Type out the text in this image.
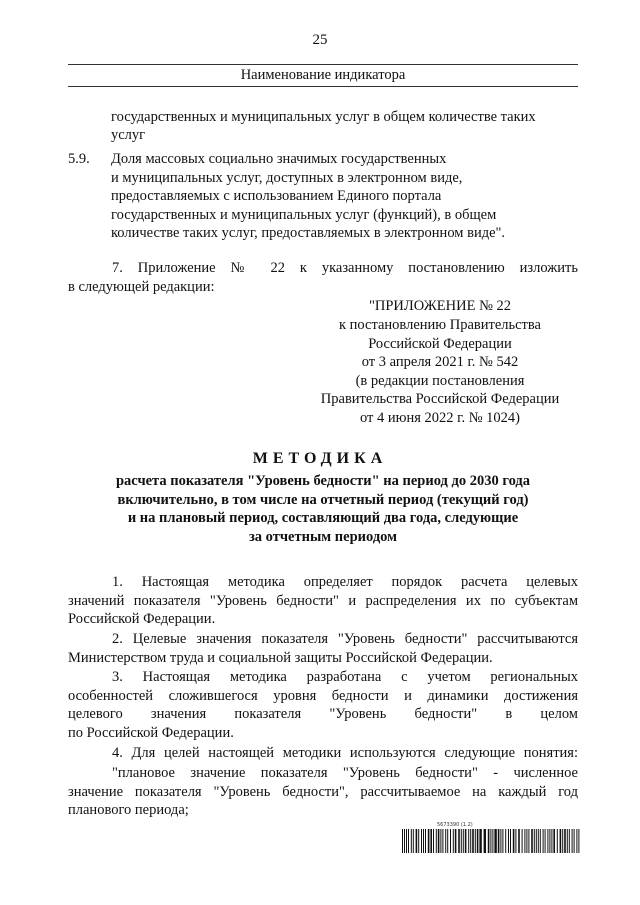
25
Наименование индикатора
государственных и муниципальных услуг в общем количестве таких
услуг
5.9. Доля массовых социально значимых государственных
и муниципальных услуг, доступных в электронном виде,
предоставляемых с использованием Единого портала
государственных и муниципальных услуг (функций), в общем
количестве таких услуг, предоставляемых в электронном виде".
7. Приложение № 22 к указанному постановлению изложить
в следующей редакции:
"ПРИЛОЖЕНИЕ № 22
к постановлению Правительства
Российской Федерации
от 3 апреля 2021 г. № 542
(в редакции постановления
Правительства Российской Федерации
от 4 июня 2022 г. № 1024)
МЕТОДИКА
расчета показателя "Уровень бедности" на период до 2030 года
включительно, в том числе на отчетный период (текущий год)
и на плановый период, составляющий два года, следующие
за отчетным периодом
1. Настоящая методика определяет порядок расчета целевых
значений показателя "Уровень бедности" и распределения их по субъектам
Российской Федерации.
2. Целевые значения показателя "Уровень бедности" рассчитываются
Министерством труда и социальной защиты Российской Федерации.
3. Настоящая методика разработана с учетом региональных
особенностей сложившегося уровня бедности и динамики достижения
целевого значения показателя "Уровень бедности" в целом
по Российской Федерации.
4. Для целей настоящей методики используются следующие понятия:
"плановое значение показателя "Уровень бедности" - численное
значение показателя "Уровень бедности", рассчитываемое на каждый год
планового периода;
5673390 (1.2)
